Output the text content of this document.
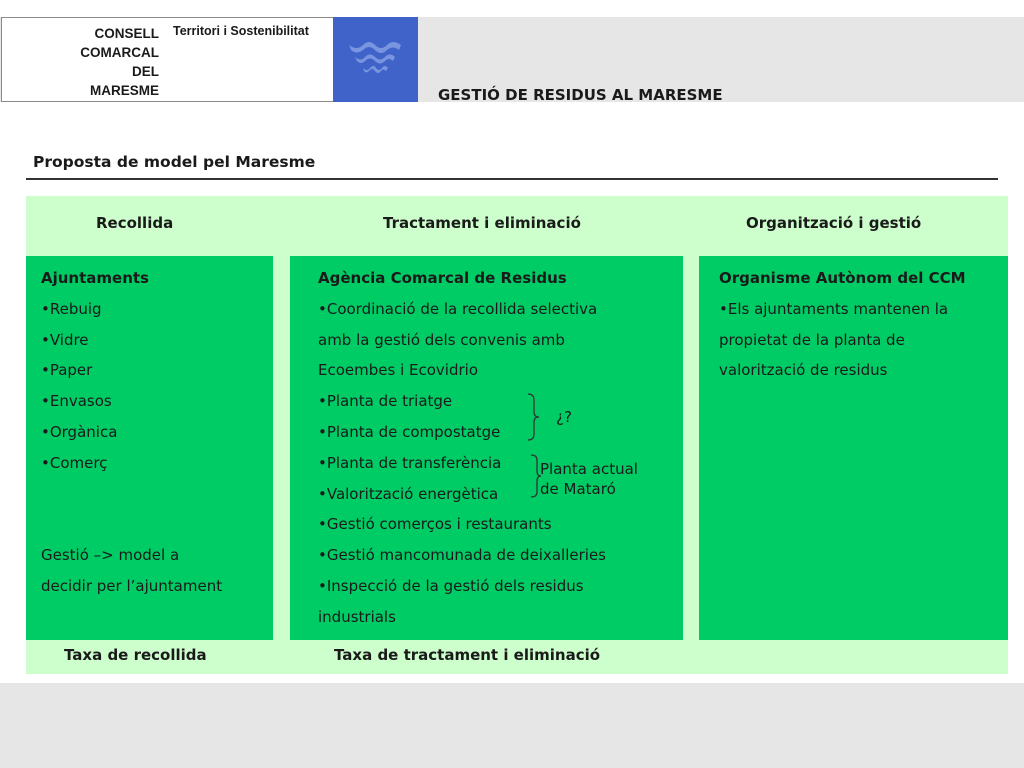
CONSELL
COMARCAL
DEL
MARESME
Territori i Sostenibilitat
GESTIÓ DE RESIDUS AL MARESME
Proposta de model pel Maresme
Recollida	Tractament i eliminació	Organització i gestió
Ajuntaments
•Rebuig
•Vidre
•Paper
•Envasos
•Orgànica
•Comerç

Gestió –> model a
decidir per l’ajuntament
Agència Comarcal de Residus
•Coordinació de la recollida selectiva
amb la gestió dels convenis amb
Ecoembes i Ecovidrio
•Planta de triatge
•Planta de compostatge
•Planta de transferència
•Valorització energètica
•Gestió comerços i restaurants
•Gestió mancomunada de deixalleries
•Inspecció de la gestió dels residus
industrials
Organisme Autònom del CCM
•Els ajuntaments mantenen la
propietat de la planta de
valorització de residus
¿?
Planta actual
de Mataró
Taxa de recollida	Taxa de tractament i eliminació
